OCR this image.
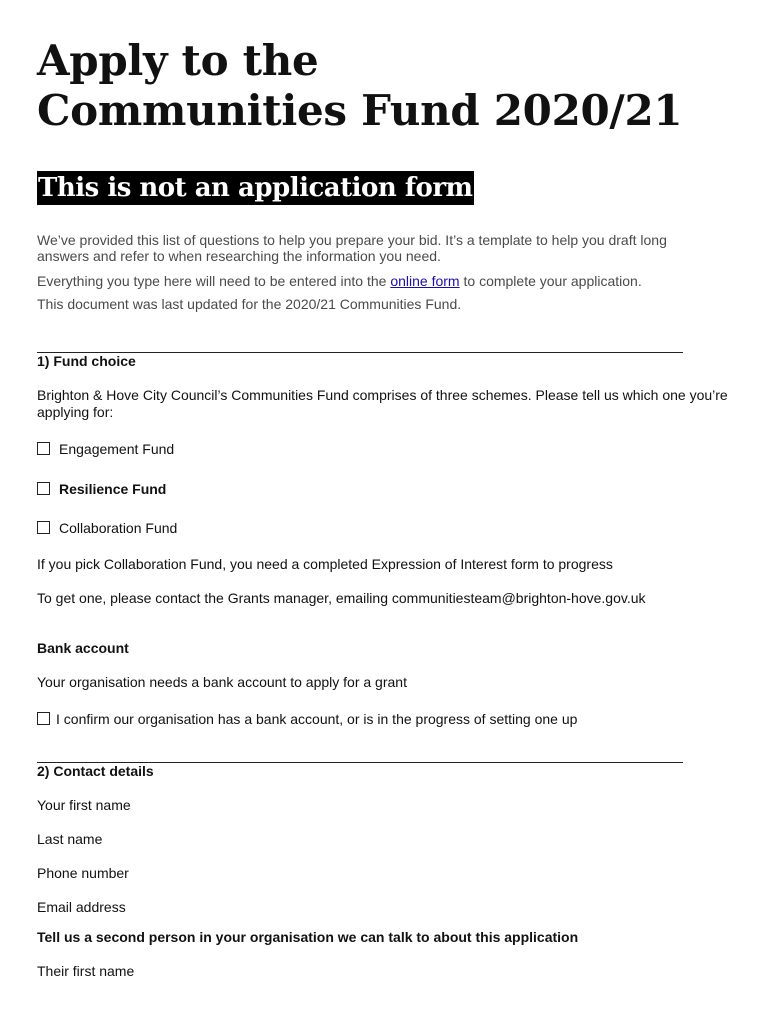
Apply to the
Communities Fund 2020/21
This is not an application form

We’ve provided this list of questions to help you prepare your bid. It’s a template to help you draft long answers and refer to when researching the information you need.

Everything you type here will need to be entered into the online form to complete your application.

This document was last updated for the 2020/21 Communities Fund.

1) Fund choice

Brighton & Hove City Council’s Communities Fund comprises of three schemes. Please tell us which one you’re applying for:

Engagement Fund

Resilience Fund

Collaboration Fund

If you pick Collaboration Fund, you need a completed Expression of Interest form to progress

To get one, please contact the Grants manager, emailing communitiesteam@brighton-hove.gov.uk

Bank account

Your organisation needs a bank account to apply for a grant

I confirm our organisation has a bank account, or is in the progress of setting one up

2) Contact details

Your first name

Last name

Phone number

Email address

Tell us a second person in your organisation we can talk to about this application

Their first name
